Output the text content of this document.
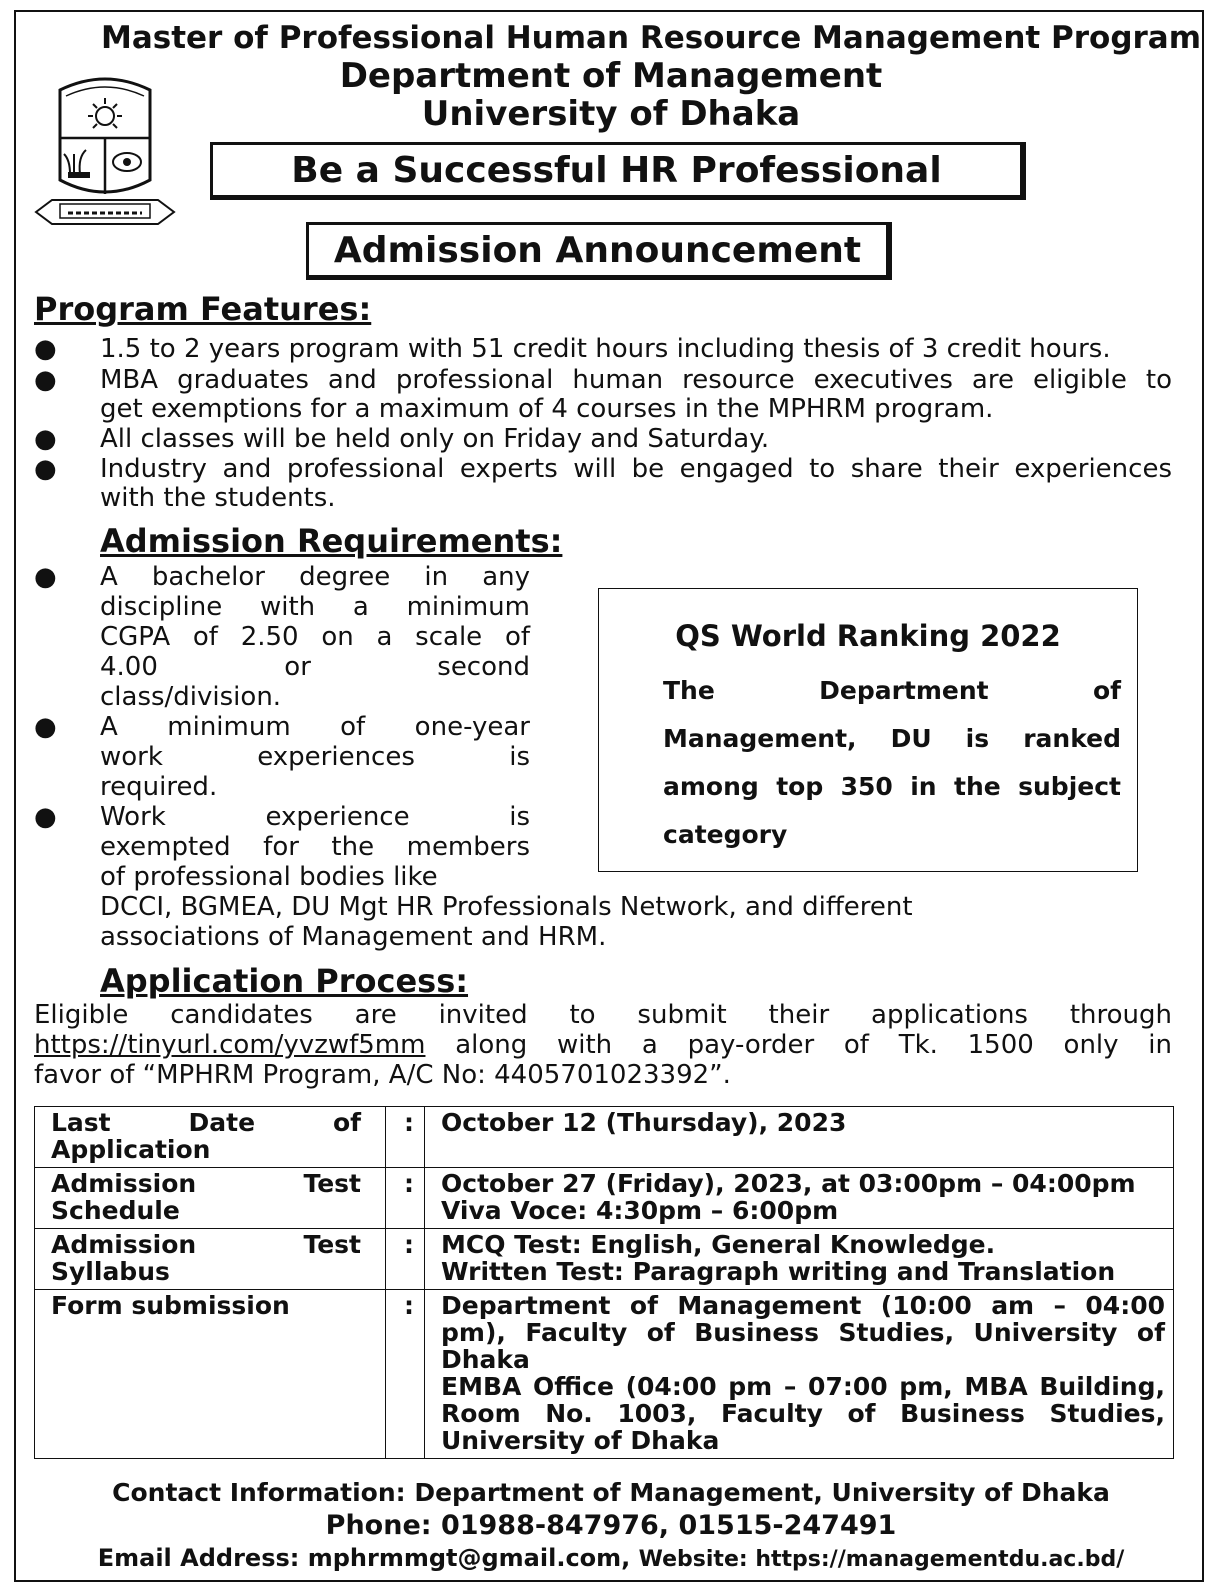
Master of Professional Human Resource Management Program
Department of Management
University of Dhaka
Be a Successful HR Professional
Admission Announcement
Program Features:
● 1.5 to 2 years program with 51 credit hours including thesis of 3 credit hours.
● MBA graduates and professional human resource executives are eligible to
get exemptions for a maximum of 4 courses in the MPHRM program.
● All classes will be held only on Friday and Saturday.
● Industry and professional experts will be engaged to share their experiences
with the students.
Admission Requirements:
● A bachelor degree in any
discipline with a minimum
CGPA of 2.50 on a scale of
4.00 or second
class/division.
● A minimum of one-year
work experiences is
required.
● Work experience is
exempted for the members
of professional bodies like
DCCI, BGMEA, DU Mgt HR Professionals Network, and different
associations of Management and HRM.
QS World Ranking 2022
The Department of Management, DU is ranked among top 350 in the subject category
Application Process:
Eligible candidates are invited to submit their applications through
https://tinyurl.com/yvzwf5mm along with a pay-order of Tk. 1500 only in
favor of “MPHRM Program, A/C No: 4405701023392”.
Last Date of Application	:	October 12 (Thursday), 2023

Admission Test Schedule	:	October 27 (Friday), 2023, at 03:00pm – 04:00pm
Viva Voce: 4:30pm – 6:00pm

Admission Test Syllabus	:	MCQ Test: English, General Knowledge.
Written Test: Paragraph writing and Translation

Form submission	:	Department of Management (10:00 am – 04:00 pm), Faculty of Business Studies, University of Dhaka
EMBA Office (04:00 pm – 07:00 pm, MBA Building, Room No. 1003, Faculty of Business Studies, University of Dhaka
Contact Information: Department of Management, University of Dhaka
Phone: 01988-847976, 01515-247491
Email Address: mphrmmgt@gmail.com, Website: https://managementdu.ac.bd/
